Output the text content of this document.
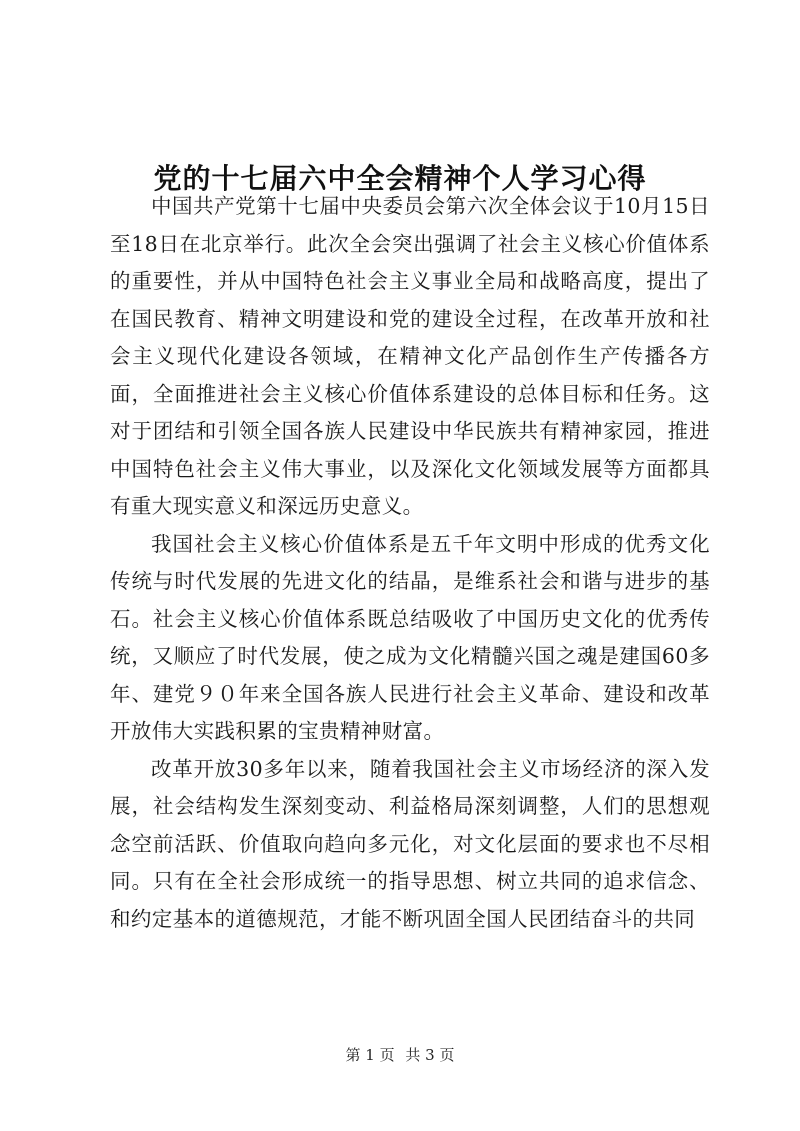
党的十七届六中全会精神个人学习心得

中国共产党第十七届中央委员会第六次全体会议于10月15日至18日在北京举行。此次全会突出强调了社会主义核心价值体系的重要性，并从中国特色社会主义事业全局和战略高度，提出了在国民教育、精神文明建设和党的建设全过程，在改革开放和社会主义现代化建设各领域，在精神文化产品创作生产传播各方面，全面推进社会主义核心价值体系建设的总体目标和任务。这对于团结和引领全国各族人民建设中华民族共有精神家园，推进中国特色社会主义伟大事业，以及深化文化领域发展等方面都具有重大现实意义和深远历史意义。

我国社会主义核心价值体系是五千年文明中形成的优秀文化传统与时代发展的先进文化的结晶，是维系社会和谐与进步的基石。社会主义核心价值体系既总结吸收了中国历史文化的优秀传统，又顺应了时代发展，使之成为文化精髓兴国之魂是建国60多年、建党９０年来全国各族人民进行社会主义革命、建设和改革开放伟大实践积累的宝贵精神财富。

改革开放30多年以来，随着我国社会主义市场经济的深入发展，社会结构发生深刻变动、利益格局深刻调整，人们的思想观念空前活跃、价值取向趋向多元化，对文化层面的要求也不尽相同。只有在全社会形成统一的指导思想、树立共同的追求信念、和约定基本的道德规范，才能不断巩固全国人民团结奋斗的共同

第 1 页 共 3 页
